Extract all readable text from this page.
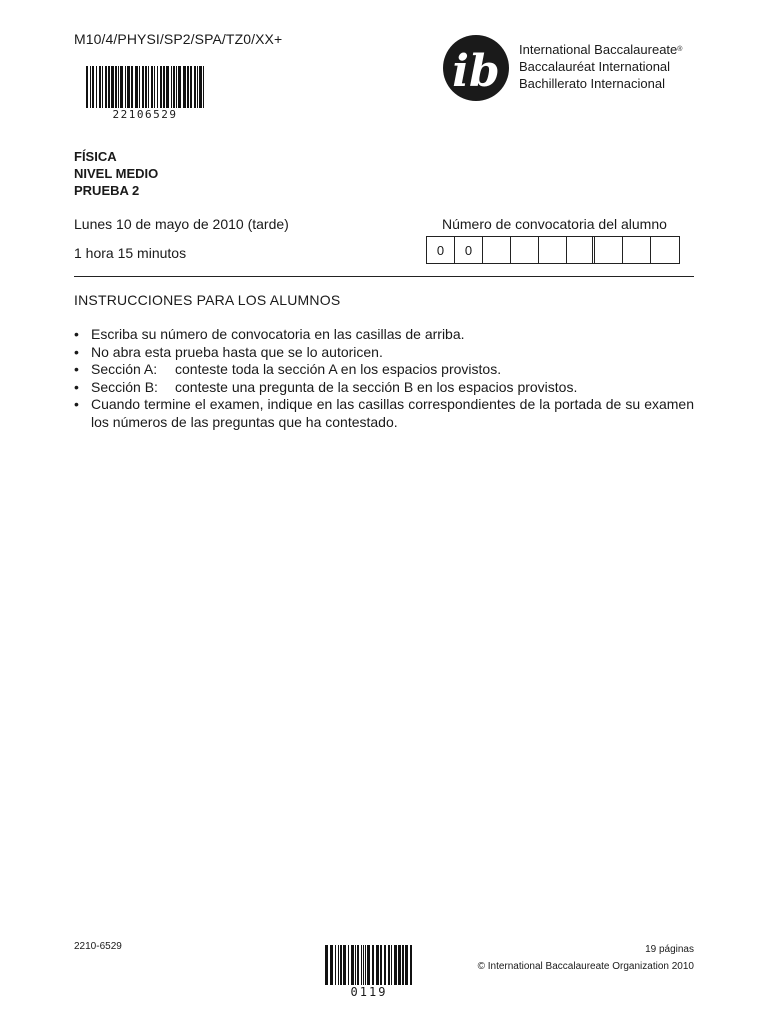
M10/4/PHYSI/SP2/SPA/TZ0/XX+
22106529
ib International Baccalaureate®
Baccalauréat International
Bachillerato Internacional
FÍSICA
NIVEL MEDIO
PRUEBA 2
Lunes 10 de mayo de 2010 (tarde)
1 hora 15 minutos
Número de convocatoria del alumno
0	0
INSTRUCCIONES PARA LOS ALUMNOS
• Escriba su número de convocatoria en las casillas de arriba.
• No abra esta prueba hasta que se lo autoricen.
• Sección A: conteste toda la sección A en los espacios provistos.
• Sección B: conteste una pregunta de la sección B en los espacios provistos.
• Cuando termine el examen, indique en las casillas correspondientes de la portada de su examen los números de las preguntas que ha contestado.
2210-6529
0119
19 páginas
© International Baccalaureate Organization 2010
